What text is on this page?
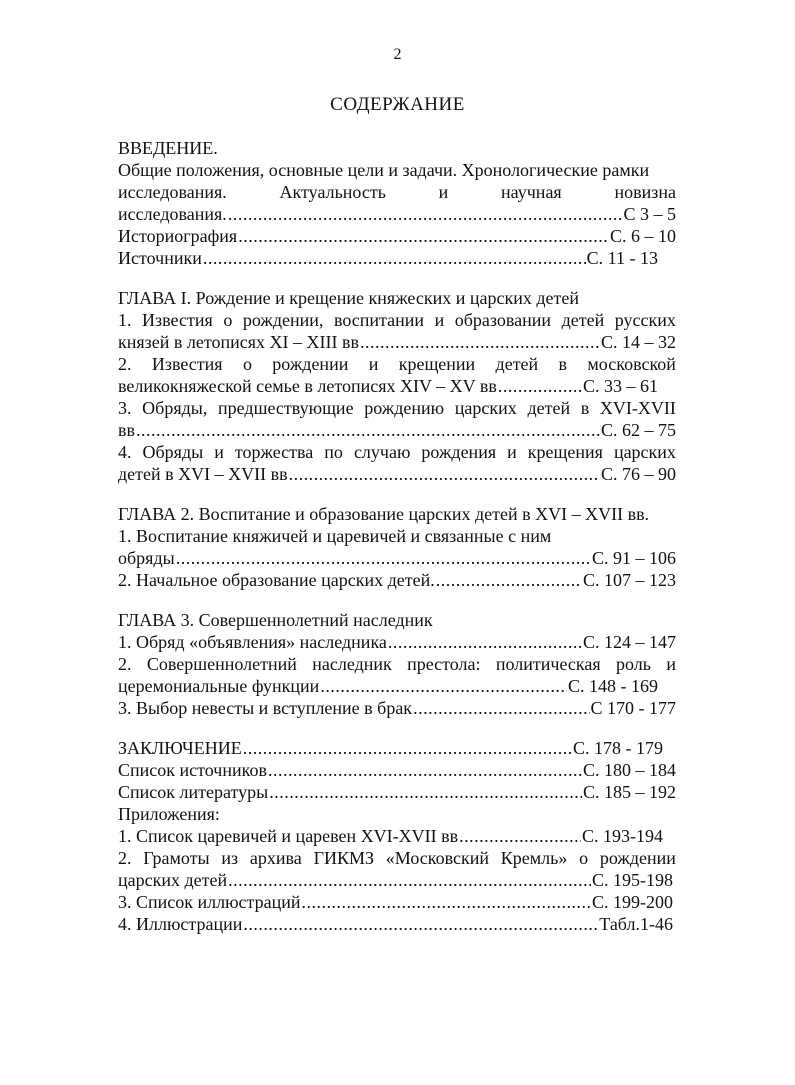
2
СОДЕРЖАНИЕ
ВВЕДЕНИЕ.
Общие положения, основные цели и задачи. Хронологические рамки
исследования.	Актуальность	и	научная	новизна
исследования. .....	С 3 – 5
Историография .....	С. 6 – 10
Источники .....	С. 11 - 13
ГЛАВА I. Рождение и крещение княжеских и царских детей
1. Известия о рождении, воспитании и образовании детей русских
князей в летописях XI – XIII вв .....	С. 14 – 32
2. Известия о рождении и крещении детей в московской
великокняжеской семье в летописях XIV – XV вв .....	С. 33 – 61
3. Обряды, предшествующие рождению царских детей в XVI-XVII
вв .....	С. 62 – 75
4. Обряды и торжества по случаю рождения и крещения царских
детей в XVI – XVII вв .....	С. 76 – 90
ГЛАВА 2. Воспитание и образование царских детей в XVI – XVII вв.
1. Воспитание княжичей и царевичей и связанные с ним
обряды .....	С. 91 – 106
2. Начальное образование царских детей. .....	С. 107 – 123
ГЛАВА 3. Совершеннолетний наследник
1. Обряд «объявления» наследника .....	С. 124 – 147
2. Совершеннолетний наследник престола: политическая роль и
церемониальные функции .....	С. 148 - 169
3. Выбор невесты и вступление в брак .....	С 170 - 177
ЗАКЛЮЧЕНИЕ .....	С. 178 - 179
Список источников .....	С. 180 – 184
Список литературы .....	С. 185 – 192
Приложения:
1. Список царевичей и царевен XVI-XVII вв .....	С. 193-194
2. Грамоты из архива ГИКМЗ «Московский Кремль» о рождении
царских детей .....	С. 195-198
3. Список иллюстраций .....	С. 199-200
4. Иллюстрации .....	Табл.1-46
